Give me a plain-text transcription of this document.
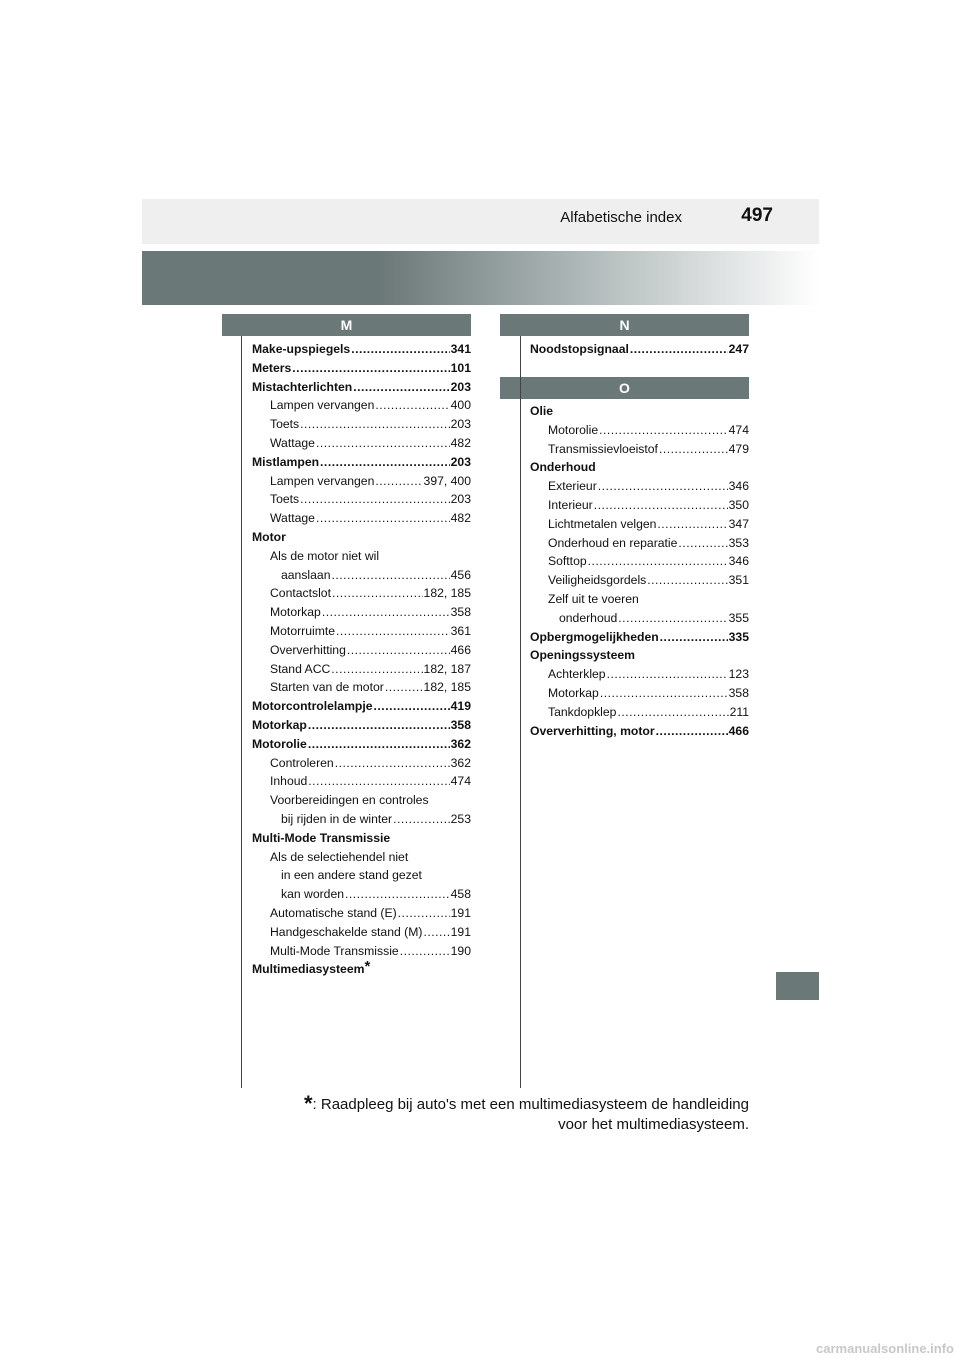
Alfabetische index	497
M	N
O
Make-upspiegels .....	341
Meters .....	101
Mistachterlichten .....	203
Lampen vervangen .....	400
Toets .....	203
Wattage .....	482
Mistlampen .....	203
Lampen vervangen .....	397, 400
Toets .....	203
Wattage .....	482
Motor
Als de motor niet wil
aanslaan .....	456
Contactslot .....	182, 185
Motorkap .....	358
Motorruimte .....	361
Oververhitting .....	466
Stand ACC .....	182, 187
Starten van de motor .....	182, 185
Motorcontrolelampje .....	419
Motorkap .....	358
Motorolie .....	362
Controleren .....	362
Inhoud .....	474
Voorbereidingen en controles
bij rijden in de winter .....	253
Multi-Mode Transmissie
Als de selectiehendel niet
in een andere stand gezet
kan worden .....	458
Automatische stand (E) .....	191
Handgeschakelde stand (M) ..... 191
Multi-Mode Transmissie .....	190
Multimediasysteem*
Noodstopsignaal .....	247
Olie
Motorolie .....	474
Transmissievloeistof .....	479
Onderhoud
Exterieur .....	346
Interieur .....	350
Lichtmetalen velgen .....	347
Onderhoud en reparatie .....	353
Softtop .....	346
Veiligheidsgordels .....	351
Zelf uit te voeren
onderhoud .....	355
Opbergmogelijkheden .....	335
Openingssysteem
Achterklep .....	123
Motorkap .....	358
Tankdopklep .....	211
Oververhitting, motor .....	466
*: Raadpleeg bij auto's met een multimediasysteem de handleiding
voor het multimediasysteem.
carmanualsonline.info
